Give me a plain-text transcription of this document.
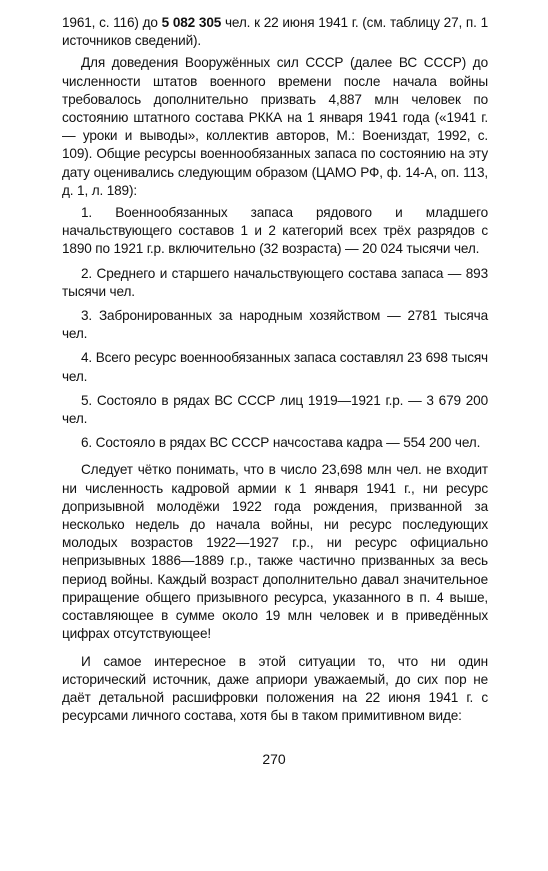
1961, с. 116) до 5 082 305 чел. к 22 июня 1941 г. (см. таблицу 27, п. 1 источников сведений).

Для доведения Вооружённых сил СССР (далее ВС СССР) до численности штатов военного времени после начала войны требовалось дополнительно призвать 4,887 млн человек по состоянию штатного состава РККА на 1 января 1941 года («1941 г. — уроки и выводы», коллектив авторов, М.: Воениздат, 1992, с. 109). Общие ресурсы военнообязанных запаса по состоянию на эту дату оценивались следующим образом (ЦАМО РФ, ф. 14-А, оп. 113, д. 1, л. 189):

1. Военнообязанных запаса рядового и младшего начальствующего составов 1 и 2 категорий всех трёх разрядов с 1890 по 1921 г.р. включительно (32 возраста) — 20 024 тысячи чел.

2. Среднего и старшего начальствующего состава запаса — 893 тысячи чел.

3. Забронированных за народным хозяйством — 2781 тысяча чел.

4. Всего ресурс военнообязанных запаса составлял 23 698 тысяч чел.

5. Состояло в рядах ВС СССР лиц 1919—1921 г.р. — 3 679 200 чел.

6. Состояло в рядах ВС СССР начсостава кадра — 554 200 чел.

Следует чётко понимать, что в число 23,698 млн чел. не входит ни численность кадровой армии к 1 января 1941 г., ни ресурс допризывной молодёжи 1922 года рождения, призванной за несколько недель до начала войны, ни ресурс последующих молодых возрастов 1922—1927 г.р., ни ресурс официально непризывных 1886—1889 г.р., также частично призванных за весь период войны. Каждый возраст дополнительно давал значительное приращение общего призывного ресурса, указанного в п. 4 выше, составляющее в сумме около 19 млн человек и в приведённых цифрах отсутствующее!

И самое интересное в этой ситуации то, что ни один исторический источник, даже априори уважаемый, до сих пор не даёт детальной расшифровки положения на 22 июня 1941 г. с ресурсами личного состава, хотя бы в таком примитивном виде:

270
